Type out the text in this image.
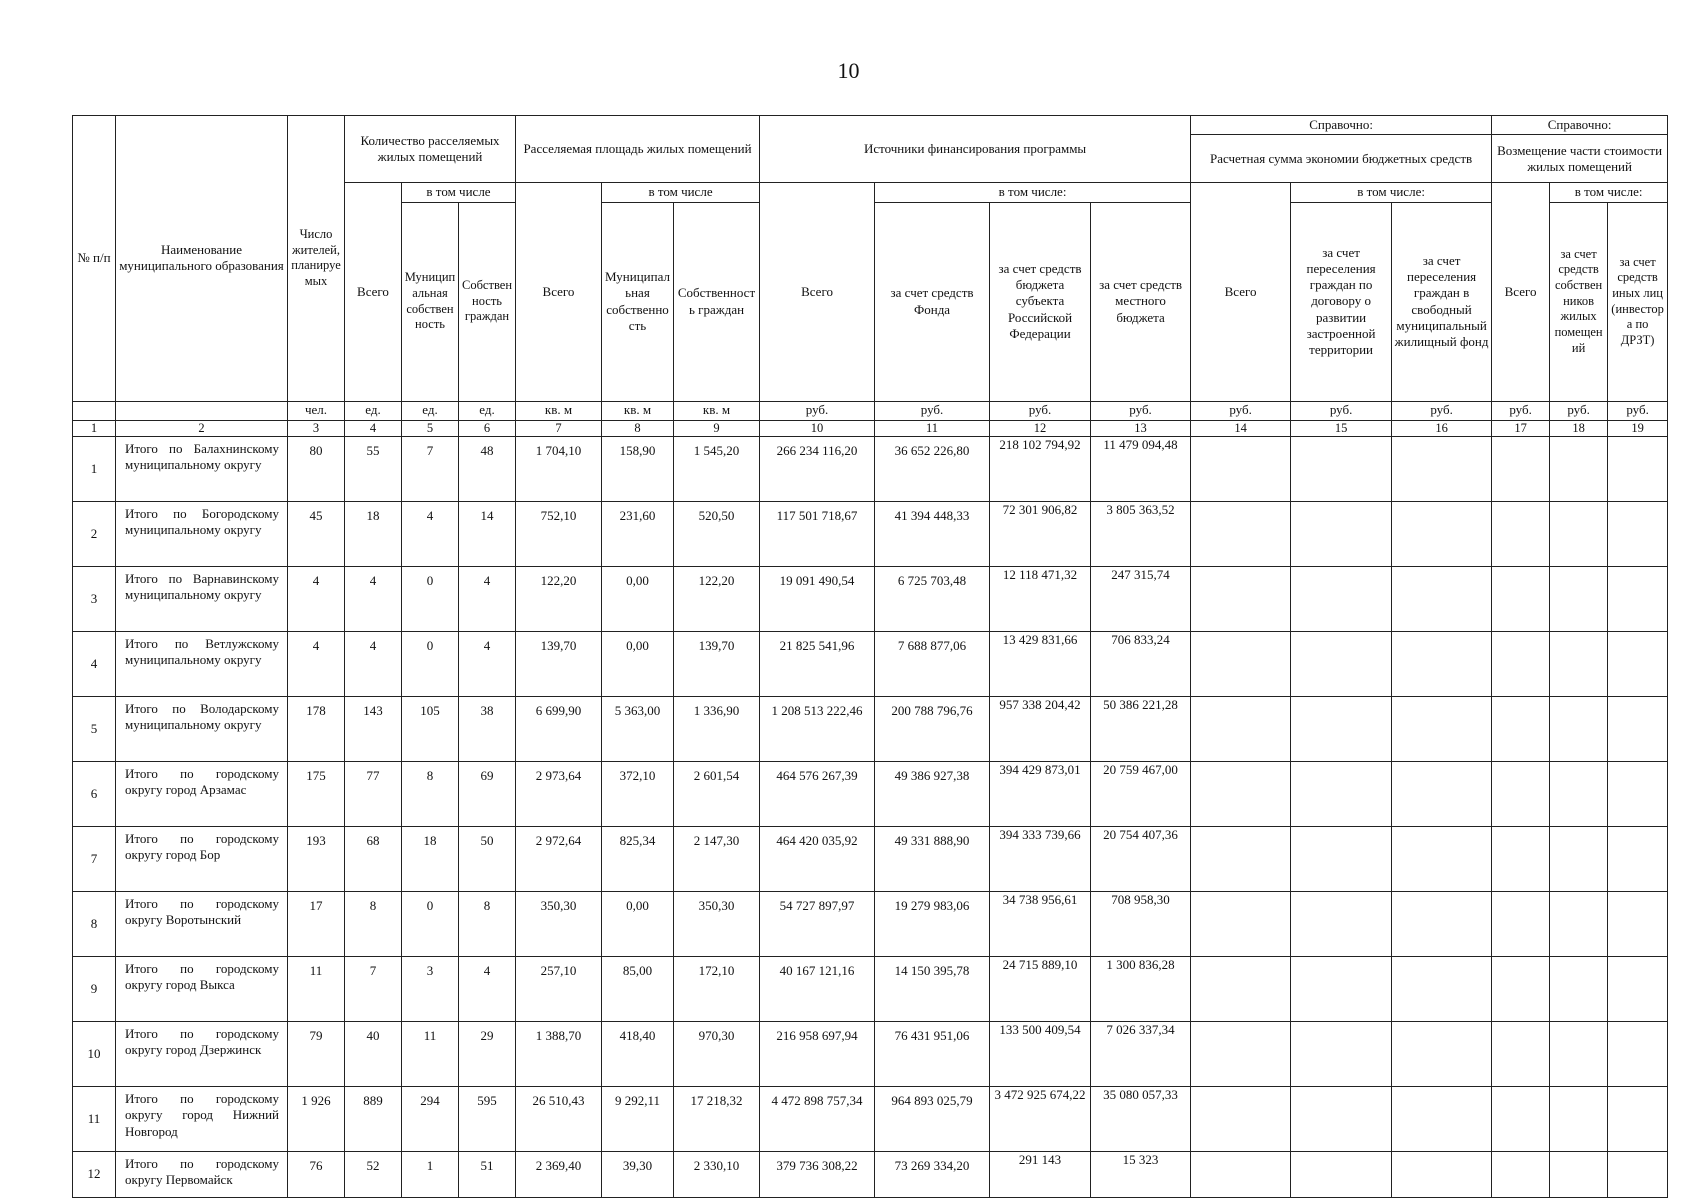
10
№ п/п	Наименование муниципального образования	Число жителей, планируемых	Количество расселяемых жилых помещений			Расселяемая площадь жилых помещений			Источники финансирования программы				Справочно:			Справочно:		
													Расчетная сумма экономии бюджетных средств			Возмещение части стоимости жилых помещений		
			Всего	в том числе		Всего	в том числе		Всего	в том числе:			Всего	в том числе:		Всего	в том числе:	
				Муниципальная собственность	Собственность граждан		Муниципальная собственность	Собственность граждан		за счет средств Фонда	за счет средств бюджета субъекта Российской Федерации	за счет средств местного бюджета		за счет переселения граждан по договору о развитии застроенной территории	за счет переселения граждан в свободный муниципальный жилищный фонд		за счет средств собственников жилых помещений	за счет средств иных лиц (инвестора по ДРЗТ)
		чел.	ед.	ед.	ед.	кв. м	кв. м	кв. м	руб.	руб.	руб.	руб.	руб.	руб.	руб.	руб.	руб.	руб.
1	2	3	4	5	6	7	8	9	10	11	12	13	14	15	16	17	18	19
1	Итого по Балахнинскому муниципальному округу	80	55	7	48	1 704,10	158,90	1 545,20	266 234 116,20	36 652 226,80	218 102 794,92	11 479 094,48						
2	Итого по Богородскому муниципальному округу	45	18	4	14	752,10	231,60	520,50	117 501 718,67	41 394 448,33	72 301 906,82	3 805 363,52						
3	Итого по Варнавинскому муниципальному округу	4	4	0	4	122,20	0,00	122,20	19 091 490,54	6 725 703,48	12 118 471,32	247 315,74						
4	Итого по Ветлужскому муниципальному округу	4	4	0	4	139,70	0,00	139,70	21 825 541,96	7 688 877,06	13 429 831,66	706 833,24						
5	Итого по Володарскому муниципальному округу	178	143	105	38	6 699,90	5 363,00	1 336,90	1 208 513 222,46	200 788 796,76	957 338 204,42	50 386 221,28						
6	Итого по городскому округу город Арзамас	175	77	8	69	2 973,64	372,10	2 601,54	464 576 267,39	49 386 927,38	394 429 873,01	20 759 467,00						
7	Итого по городскому округу город Бор	193	68	18	50	2 972,64	825,34	2 147,30	464 420 035,92	49 331 888,90	394 333 739,66	20 754 407,36						
8	Итого по городскому округу Воротынский	17	8	0	8	350,30	0,00	350,30	54 727 897,97	19 279 983,06	34 738 956,61	708 958,30						
9	Итого по городскому округу город Выкса	11	7	3	4	257,10	85,00	172,10	40 167 121,16	14 150 395,78	24 715 889,10	1 300 836,28						
10	Итого по городскому округу город Дзержинск	79	40	11	29	1 388,70	418,40	970,30	216 958 697,94	76 431 951,06	133 500 409,54	7 026 337,34						
11	Итого по городскому округу город Нижний Новгород	1 926	889	294	595	26 510,43	9 292,11	17 218,32	4 472 898 757,34	964 893 025,79	3 472 925 674,22	35 080 057,33						
12	Итого по городскому округу Первомайск	76	52	1	51	2 369,40	39,30	2 330,10	379 736 308,22	73 269 334,20	291 143	15 323						
